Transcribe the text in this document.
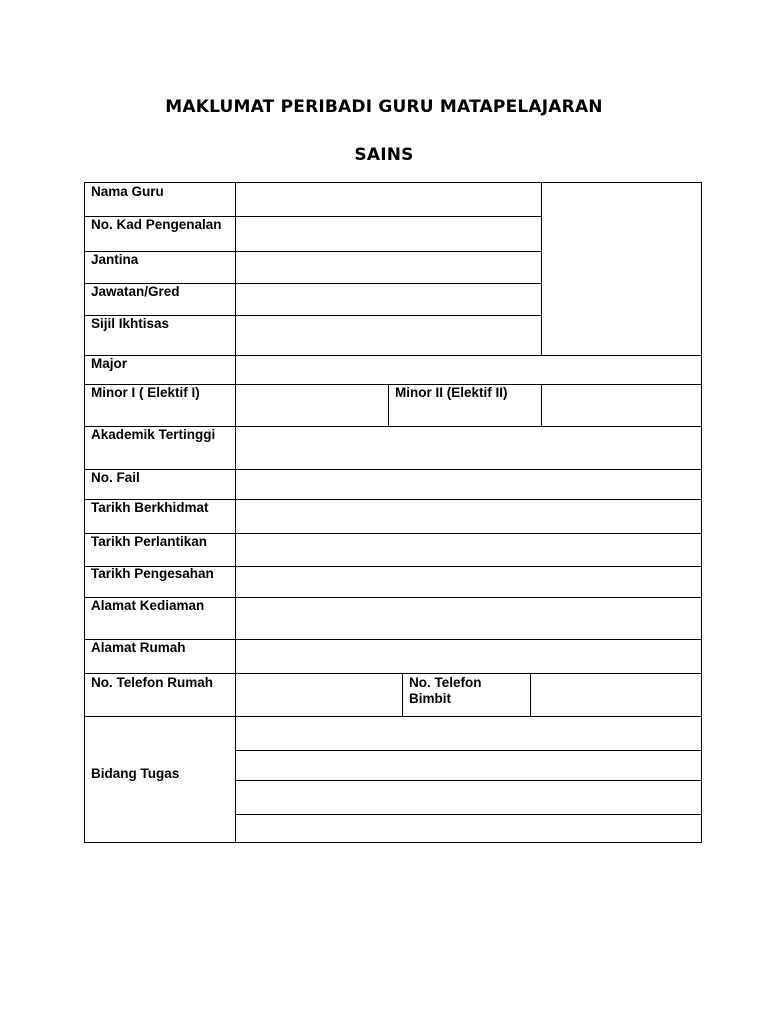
MAKLUMAT PERIBADI GURU MATAPELAJARAN
SAINS
Nama Guru
No. Kad Pengenalan
Jantina
Jawatan/Gred
Sijil Ikhtisas
Major
Minor I ( Elektif I)	Minor II (Elektif II)
Akademik Tertinggi
No. Fail
Tarikh Berkhidmat
Tarikh Perlantikan
Tarikh Pengesahan
Alamat Kediaman
Alamat Rumah
No. Telefon Rumah	No. Telefon
Bimbit
Bidang Tugas
